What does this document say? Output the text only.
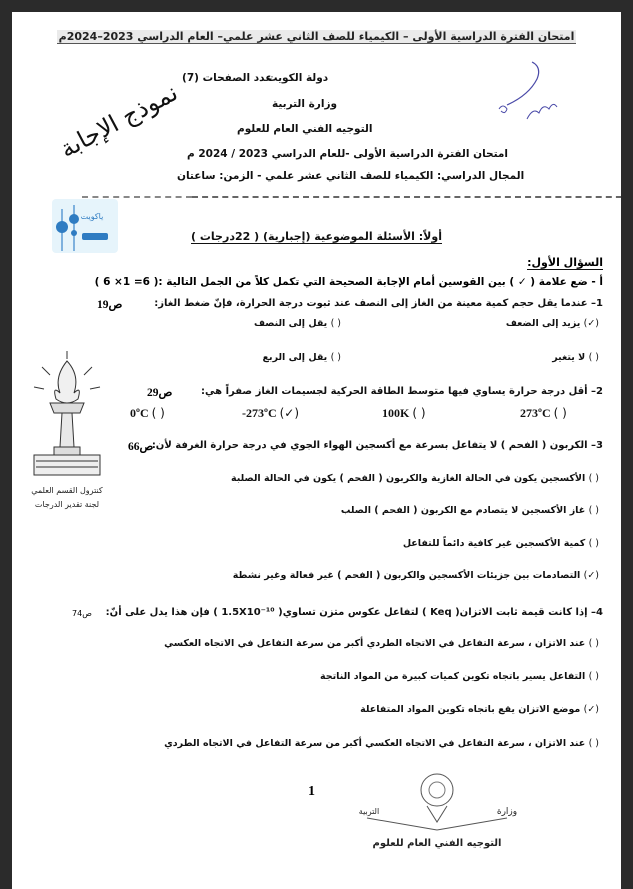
امتحان الفترة الدراسية الأولى – الكيمياء للصف الثاني عشر علمي– العام الدراسي 2023–2024م
عدد الصفحات (7)
دولة الكويت
وزارة التربية
التوجيه الفني العام للعلوم
امتحان الفترة الدراسية الأولى -للعام الدراسي 2023 / 2024 م
المجال الدراسي: الكيمياء للصف الثاني عشر علمي - الزمن: ساعتان
نموذج الإجابة
ياكويت
أولاً: الأسئلة الموضوعية (إجبارية) ( 22درجات )
السؤال الأول:
أ - ضع علامة ( ✓ ) بين القوسين أمام الإجابة الصحيحة التي تكمل كلاً من الجمل التالية :( 6= 1× 6 )
1– عندما يقل حجم كمية معينة من الغاز إلى النصف عند ثبوت درجة الحرارة، فإنّ ضغط الغاز:
ص19
(✓) يزيد إلى الضعف
( ) يقل إلى النصف
( ) لا يتغير
( ) يقل إلى الربع
2– أقل درجة حرارة يساوي فيها متوسط الطاقة الحركية لجسيمات الغاز صفراً هي:
ص29
273ºC ( )
100K ( )
-273ºC (✓)
0ºC ( )
3– الكربون ( الفحم ) لا يتفاعل بسرعة مع أكسجين الهواء الجوي في درجة حرارة الغرفة لأن:
ص66
( ) الأكسجين يكون في الحالة الغازية والكربون ( الفحم ) يكون في الحالة الصلبة
( ) غاز الأكسجين لا يتصادم مع الكربون ( الفحم ) الصلب
( ) كمية الأكسجين غير كافية دائماً للتفاعل
(✓) التصادمات بين جزيئات الأكسجين والكربون ( الفحم ) غير فعالة وغير نشطة
4– إذا كانت قيمة ثابت الاتزان( Keq ) لتفاعل عكوس متزن تساوي( 1.5X10⁻¹⁰ ) فإن هذا يدل على أنّ:
ص74
( ) عند الاتزان ، سرعة التفاعل في الاتجاه الطردي أكبر من سرعة التفاعل في الاتجاه العكسي
( ) التفاعل يسير باتجاه تكوين كميات كبيرة من المواد الناتجة
(✓) موضع الاتزان يقع باتجاه تكوين المواد المتفاعلة
( ) عند الاتزان ، سرعة التفاعل في الاتجاه العكسي أكبر من سرعة التفاعل في الاتجاه الطردي
كنترول القسم العلمي
لجنة تقدير الدرجات
1
وزارة
التربية
التوجيه الفني العام للعلوم
